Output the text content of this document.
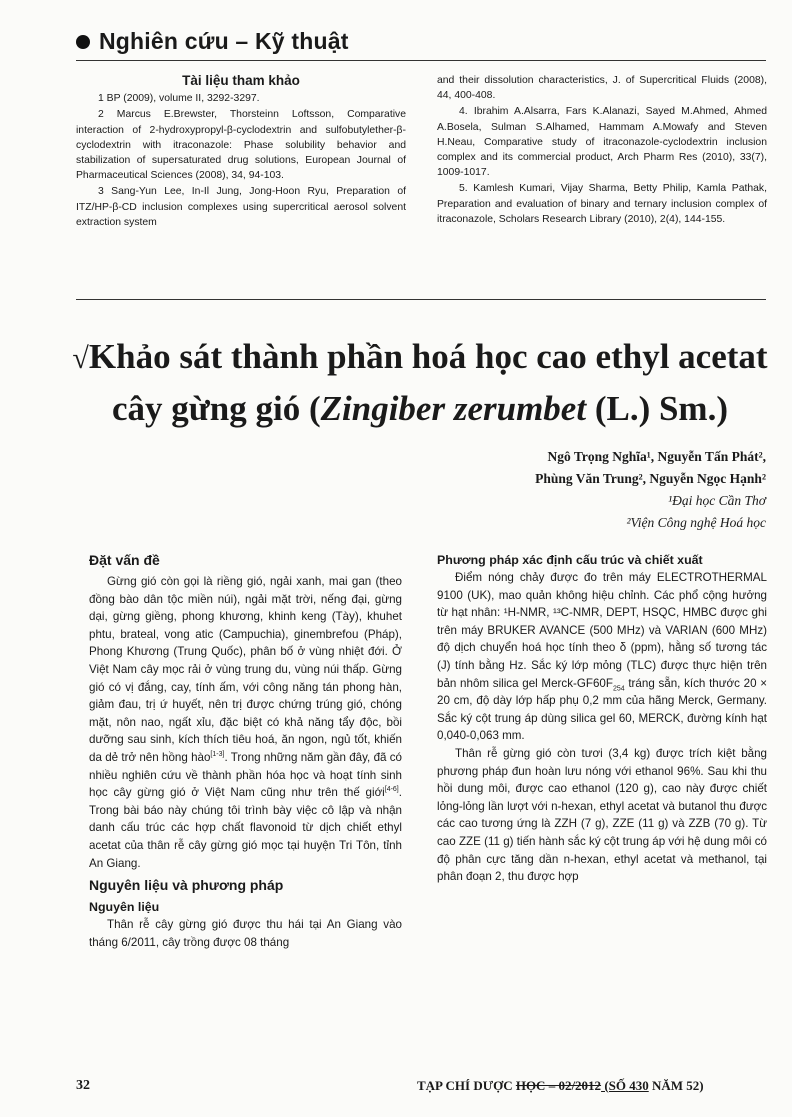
Nghiên cứu – Kỹ thuật
Tài liệu tham khảo

1 BP (2009), volume II, 3292-3297.

2 Marcus E.Brewster, Thorsteinn Loftsson, Comparative interaction of 2-hydroxypropyl-β-cyclodextrin and sulfobutylether-β-cyclodextrin with itraconazole: Phase solubility behavior and stabilization of supersaturated drug solutions, European Journal of Pharmaceutical Sciences (2008), 34, 94-103.

3 Sang-Yun Lee, In-Il Jung, Jong-Hoon Ryu, Preparation of ITZ/HP-β-CD inclusion complexes using supercritical aerosol solvent extraction system

and their dissolution characteristics, J. of Supercritical Fluids (2008), 44, 400-408.

4. Ibrahim A.Alsarra, Fars K.Alanazi, Sayed M.Ahmed, Ahmed A.Bosela, Sulman S.Alhamed, Hammam A.Mowafy and Steven H.Neau, Comparative study of itraconazole-cyclodextrin inclusion complex and its commercial product, Arch Pharm Res (2010), 33(7), 1009-1017.

5. Kamlesh Kumari, Vijay Sharma, Betty Philip, Kamla Pathak, Preparation and evaluation of binary and ternary inclusion complex of itraconazole, Scholars Research Library (2010), 2(4), 144-155.

√Khảo sát thành phần hoá học cao ethyl acetat
cây gừng gió (Zingiber zerumbet (L.) Sm.)
Ngô Trọng Nghĩa¹, Nguyễn Tấn Phát²,
Phùng Văn Trung², Nguyễn Ngọc Hạnh²
¹Đại học Cần Thơ
²Viện Công nghệ Hoá học
Đặt vấn đề

Gừng gió còn gọi là riềng gió, ngải xanh, mai gan (theo đồng bào dân tộc miền núi), ngải mặt trời, nếng đại, gừng dại, gừng giềng, phong khương, khinh keng (Tày), khuhet phtu, brateal, vong atic (Campuchia), ginembrefou (Pháp), Phong Khương (Trung Quốc), phân bố ở vùng nhiệt đới. Ở Việt Nam cây mọc rải ở vùng trung du, vùng núi thấp. Gừng gió có vị đắng, cay, tính ấm, với công năng tán phong hàn, giảm đau, trị ứ huyết, nên trị được chứng trúng gió, chóng mặt, nôn nao, ngất xỉu, đặc biệt có khả năng tẩy độc, bồi dưỡng sau sinh, kích thích tiêu hoá, ăn ngon, ngủ tốt, khiến da dẻ trở nên hồng hào[1-3]. Trong những năm gần đây, đã có nhiều nghiên cứu về thành phần hóa học và hoạt tính sinh học cây gừng gió ở Việt Nam cũng như trên thế giới[4-6]. Trong bài báo này chúng tôi trình bày việc cô lập và nhận danh cấu trúc các hợp chất flavonoid từ dịch chiết ethyl acetat của thân rễ cây gừng gió mọc tại huyện Tri Tôn, tỉnh An Giang.

Nguyên liệu và phương pháp
Nguyên liệu

Thân rễ cây gừng gió được thu hái tại An Giang vào tháng 6/2011, cây trồng được 08 tháng

Phương pháp xác định cấu trúc và chiết xuất

Điểm nóng chảy được đo trên máy ELECTROTHERMAL 9100 (UK), mao quản không hiệu chỉnh. Các phổ cộng hưởng từ hạt nhân: ¹H-NMR, ¹³C-NMR, DEPT, HSQC, HMBC được ghi trên máy BRUKER AVANCE (500 MHz) và VARIAN (600 MHz) độ dịch chuyển hoá học tính theo δ (ppm), hằng số tương tác (J) tính bằng Hz. Sắc ký lớp mỏng (TLC) được thực hiện trên bản nhôm silica gel Merck-$GF60F_{254}$ tráng sẵn, kích thước 20 × 20 cm, độ dày lớp hấp phụ 0,2 mm của hãng Merck, Germany. Sắc ký cột trung áp dùng silica gel 60, MERCK, đường kính hạt 0,040-0,063 mm.

Thân rễ gừng gió còn tươi (3,4 kg) được trích kiệt bằng phương pháp đun hoàn lưu nóng với ethanol 96%. Sau khi thu hồi dung môi, được cao ethanol (120 g), cao này được chiết lỏng-lỏng lần lượt với n-hexan, ethyl acetat và butanol thu được các cao tương ứng là ZZH (7 g), ZZE (11 g) và ZZB (70 g). Từ cao ZZE (11 g) tiến hành sắc ký cột trung áp với hệ dung môi có độ phân cực tăng dần n-hexan, ethyl acetat và methanol, tại phân đoạn 2, thu được hợp

32	TẠP CHÍ DƯỢC HỌC – 02/2012 (SỐ 430 NĂM 52)
